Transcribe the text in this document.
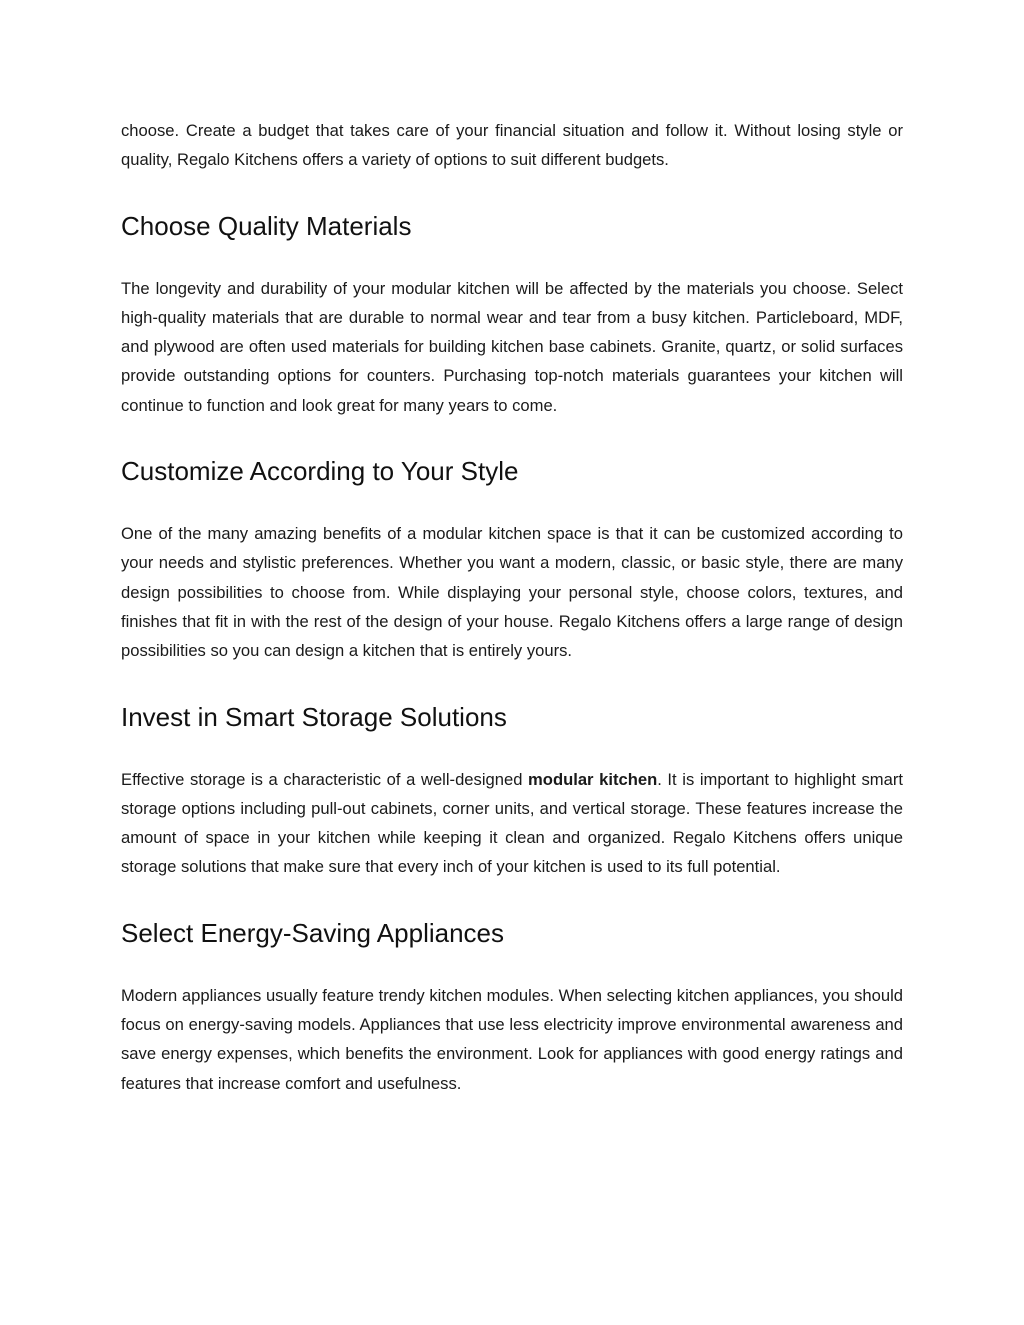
choose. Create a budget that takes care of your financial situation and follow it. Without losing style or quality, Regalo Kitchens offers a variety of options to suit different budgets.

Choose Quality Materials

The longevity and durability of your modular kitchen will be affected by the materials you choose. Select high-quality materials that are durable to normal wear and tear from a busy kitchen. Particleboard, MDF, and plywood are often used materials for building kitchen base cabinets. Granite, quartz, or solid surfaces provide outstanding options for counters. Purchasing top-notch materials guarantees your kitchen will continue to function and look great for many years to come.

Customize According to Your Style

One of the many amazing benefits of a modular kitchen space is that it can be customized according to your needs and stylistic preferences. Whether you want a modern, classic, or basic style, there are many design possibilities to choose from. While displaying your personal style, choose colors, textures, and finishes that fit in with the rest of the design of your house. Regalo Kitchens offers a large range of design possibilities so you can design a kitchen that is entirely yours.

Invest in Smart Storage Solutions

Effective storage is a characteristic of a well-designed modular kitchen. It is important to highlight smart storage options including pull-out cabinets, corner units, and vertical storage. These features increase the amount of space in your kitchen while keeping it clean and organized. Regalo Kitchens offers unique storage solutions that make sure that every inch of your kitchen is used to its full potential.

Select Energy-Saving Appliances

Modern appliances usually feature trendy kitchen modules. When selecting kitchen appliances, you should focus on energy-saving models. Appliances that use less electricity improve environmental awareness and save energy expenses, which benefits the environment. Look for appliances with good energy ratings and features that increase comfort and usefulness.
